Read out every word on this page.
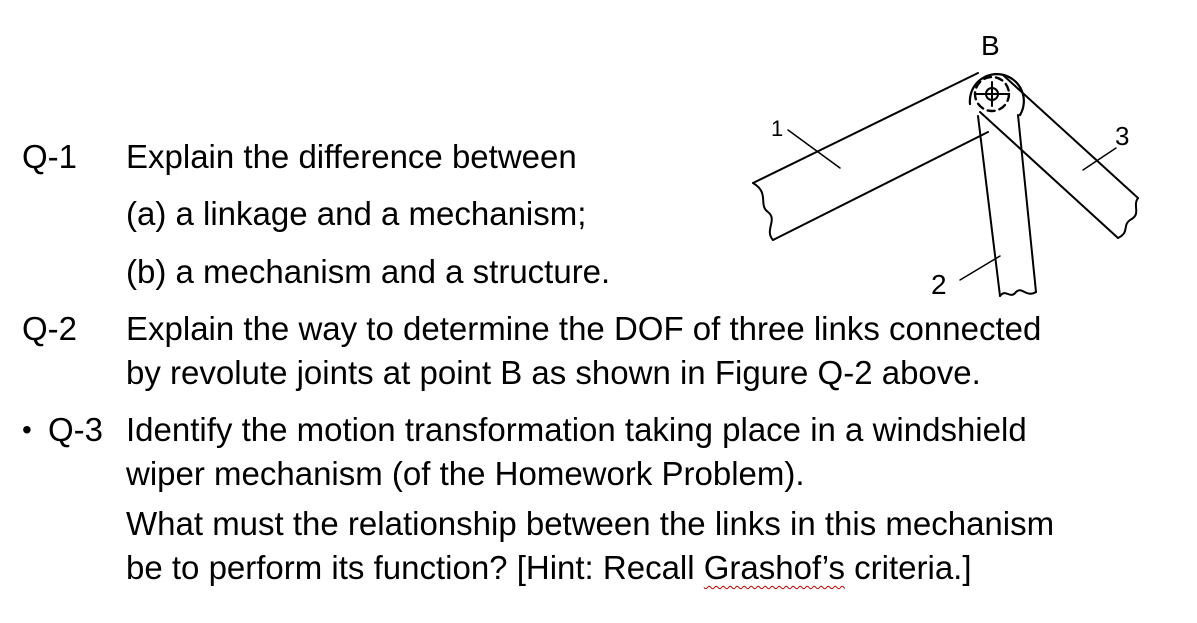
Q-1 Explain the difference between
(a) a linkage and a mechanism;
(b) a mechanism and a structure.
Q-2 Explain the way to determine the DOF of three links connected
by revolute joints at point B as shown in Figure Q-2 above.
• Q-3 Identify the motion transformation taking place in a windshield
wiper mechanism (of the Homework Problem).
What must the relationship between the links in this mechanism
be to perform its function? [Hint: Recall Grashof’s criteria.]
B
1	3
2
